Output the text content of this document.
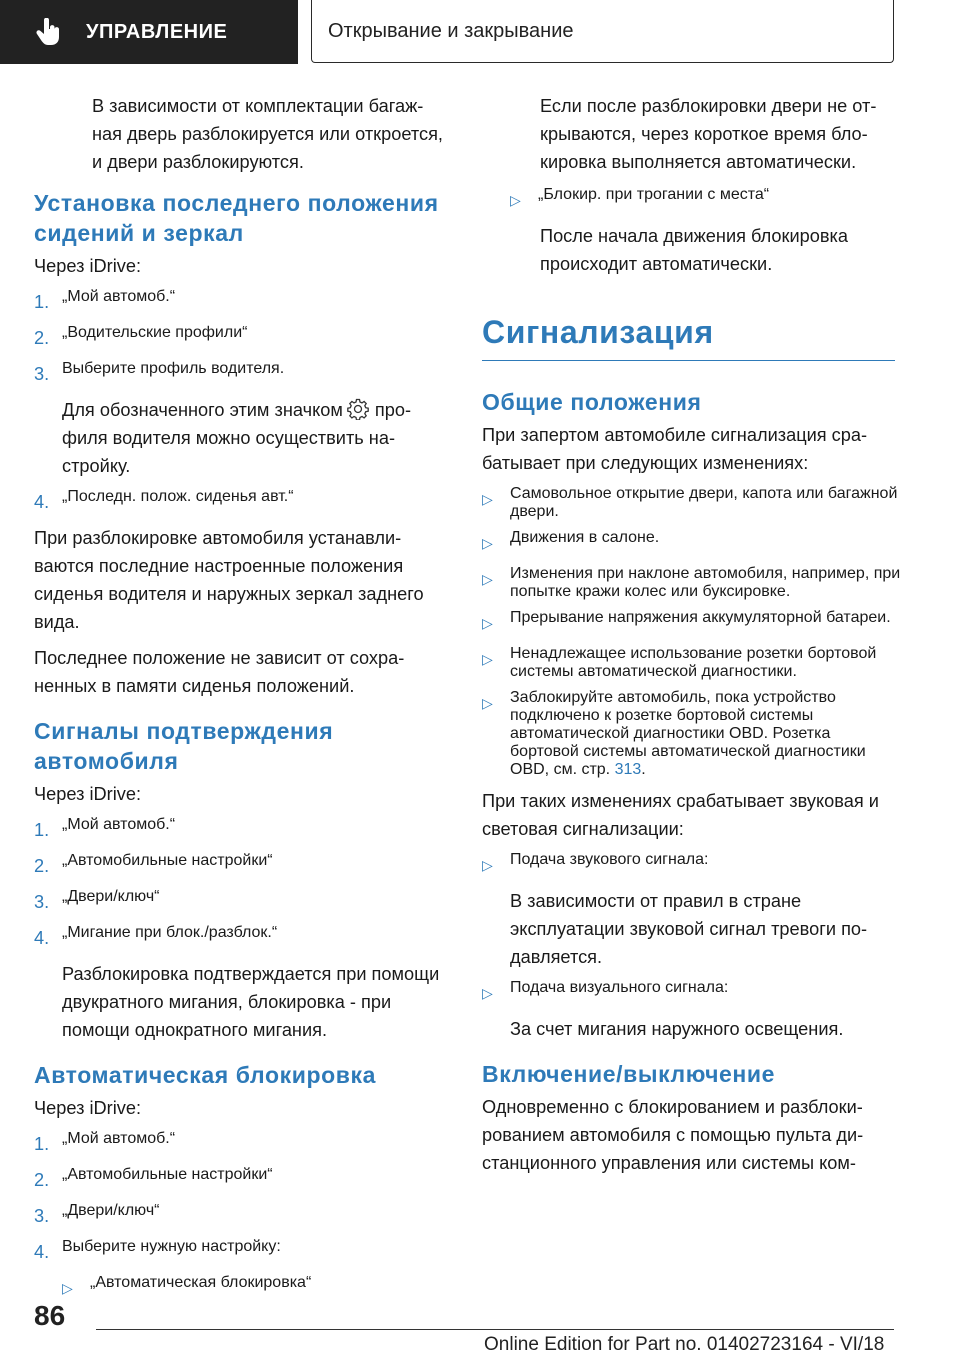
УПРАВЛЕНИЕ	Открывание и закрывание

В зависимости от комплектации багажная дверь разблокируется или откроется, и двери разблокируются.

Установка последнего положения сидений и зеркал

Через iDrive:

1. „Мой автомоб.“
2. „Водительские профили“
3. Выберите профиль водителя.

Для обозначенного этим значком профиля водителя можно осуществить настройку.

4. „Последн. полож. сиденья авт.“

При разблокировке автомобиля устанавливаются последние настроенные положения сиденья водителя и наружных зеркал заднего вида.

Последнее положение не зависит от сохраненных в памяти сиденья положений.

Сигналы подтверждения автомобиля

Через iDrive:

1. „Мой автомоб.“
2. „Автомобильные настройки“
3. „Двери/ключ“
4. „Мигание при блок./разблок.“

Разблокировка подтверждается при помощи двукратного мигания, блокировка - при помощи однократного мигания.

Автоматическая блокировка

Через iDrive:

1. „Мой автомоб.“
2. „Автомобильные настройки“
3. „Двери/ключ“
4. Выберите нужную настройку:
▷	„Автоматическая блокировка“

Если после разблокировки двери не открываются, через короткое время блокировка выполняется автоматически.

▷	„Блокир. при трогании с места“

После начала движения блокировка происходит автоматически.

Сигнализация
Общие положения

При запертом автомобиле сигнализация срабатывает при следующих изменениях:

▷	Самовольное открытие двери, капота или багажной двери.
▷	Движения в салоне.
▷	Изменения при наклоне автомобиля, например, при попытке кражи колес или буксировке.
▷	Прерывание напряжения аккумуляторной батареи.
▷	Ненадлежащее использование розетки бортовой системы автоматической диагностики.
▷	Заблокируйте автомобиль, пока устройство подключено к розетке бортовой системы автоматической диагностики OBD. Розетка бортовой системы автоматической диагностики OBD, см. стр. 313.

При таких изменениях срабатывает звуковая и световая сигнализации:

▷	Подача звукового сигнала:

В зависимости от правил в стране эксплуатации звуковой сигнал тревоги подавляется.

▷	Подача визуального сигнала:

За счет мигания наружного освещения.

Включение/выключение

Одновременно с блокированием и разблокированием автомобиля с помощью пульта дистанционного управления или системы ком-

86
Online Edition for Part no. 01402723164 - VI/18
